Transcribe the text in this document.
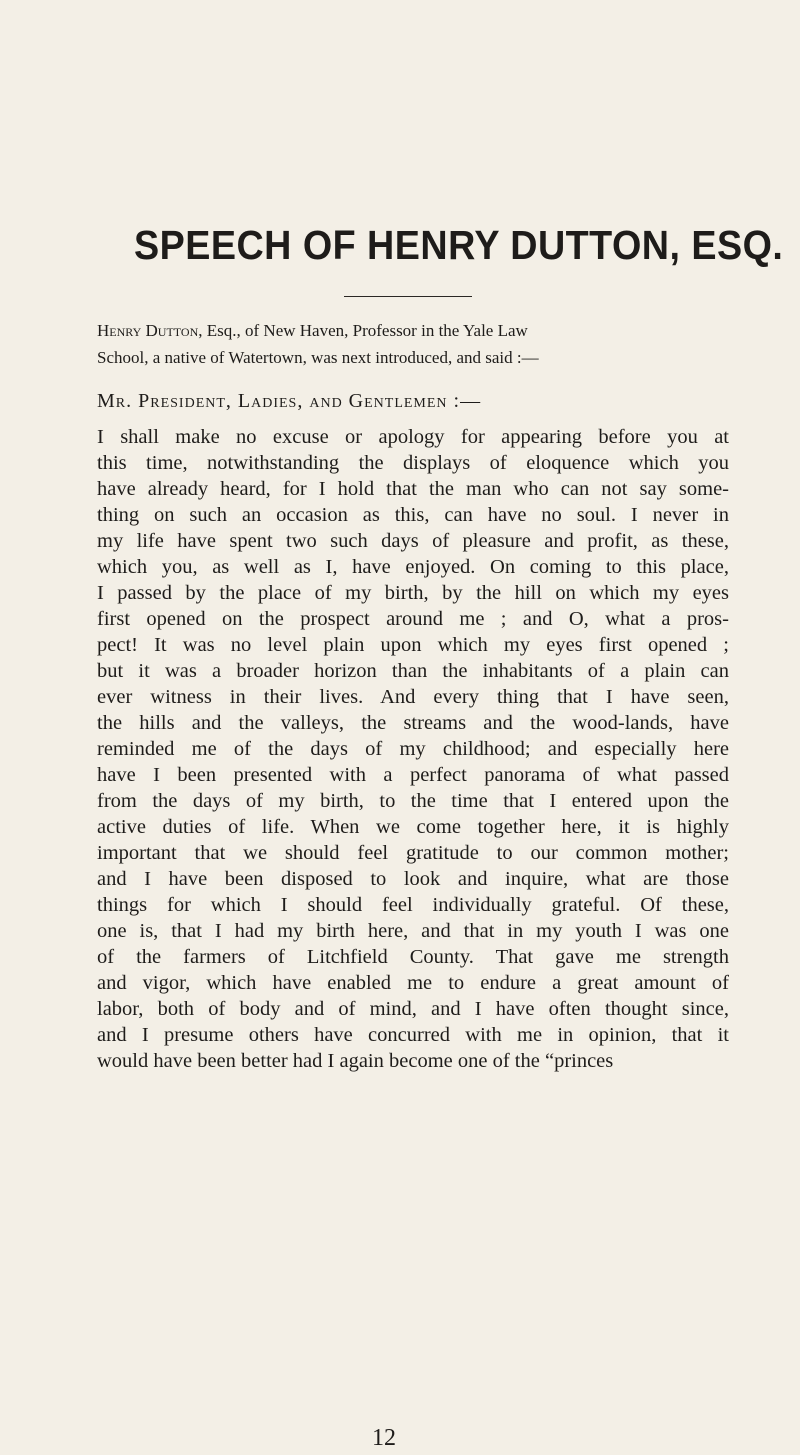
SPEECH OF HENRY DUTTON, ESQ.
Henry Dutton, Esq., of New Haven, Professor in the Yale Law
School, a native of Watertown, was next introduced, and said :—
Mr. President, Ladies, and Gentlemen :—
I shall make no excuse or apology for appearing before you at
this time, notwithstanding the displays of eloquence which you
have already heard, for I hold that the man who can not say some-
thing on such an occasion as this, can have no soul. I never in
my life have spent two such days of pleasure and profit, as these,
which you, as well as I, have enjoyed. On coming to this place,
I passed by the place of my birth, by the hill on which my eyes
first opened on the prospect around me ; and O, what a pros-
pect! It was no level plain upon which my eyes first opened ;
but it was a broader horizon than the inhabitants of a plain can
ever witness in their lives. And every thing that I have seen,
the hills and the valleys, the streams and the wood-lands, have
reminded me of the days of my childhood; and especially here
have I been presented with a perfect panorama of what passed
from the days of my birth, to the time that I entered upon the
active duties of life. When we come together here, it is highly
important that we should feel gratitude to our common mother;
and I have been disposed to look and inquire, what are those
things for which I should feel individually grateful. Of these,
one is, that I had my birth here, and that in my youth I was one
of the farmers of Litchfield County. That gave me strength
and vigor, which have enabled me to endure a great amount of
labor, both of body and of mind, and I have often thought since,
and I presume others have concurred with me in opinion, that it
would have been better had I again become one of the “princes
12
